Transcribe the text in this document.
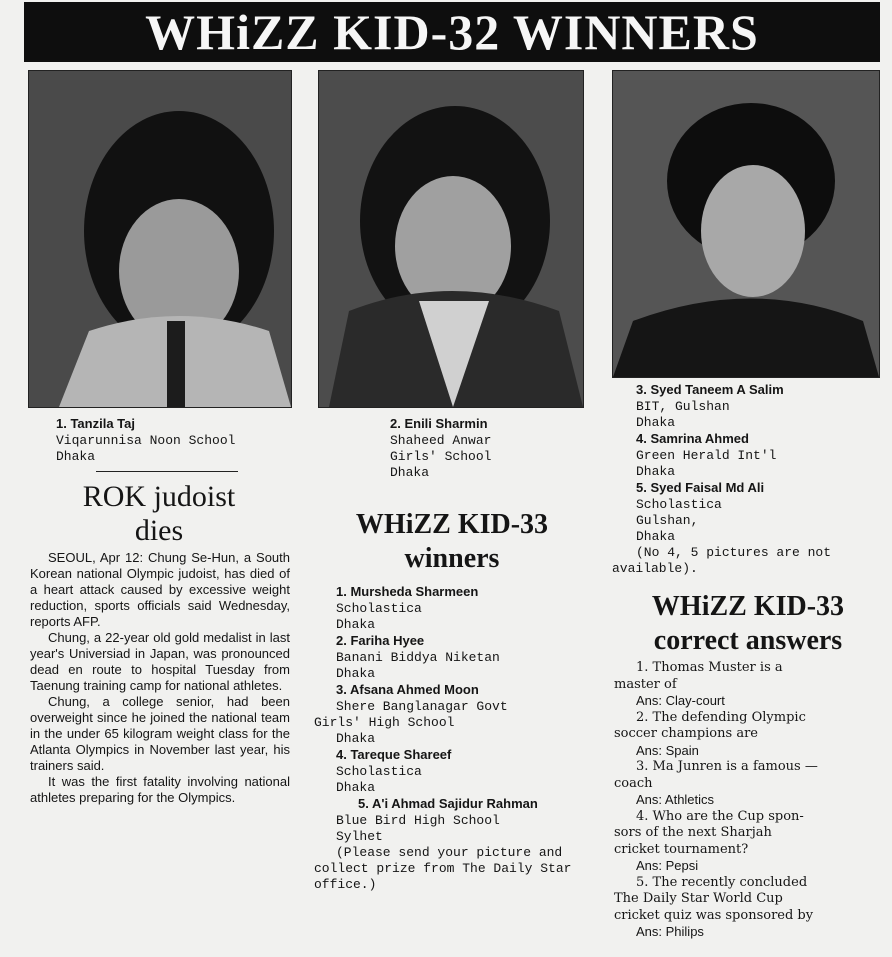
WHiZZ KID-32 WINNERS
1. Tanzila Taj
Viqarunnisa Noon School
Dhaka
2. Enili Sharmin
Shaheed Anwar
Girls' School
Dhaka
3. Syed Taneem A Salim
BIT, Gulshan
Dhaka
4. Samrina Ahmed
Green Herald Int'l
Dhaka
5. Syed Faisal Md Ali
Scholastica
Gulshan,
Dhaka
(No 4, 5 pictures are not
available).
ROK judoist
dies

SEOUL, Apr 12: Chung Se-Hun, a South Korean national Olympic judoist, has died of a heart attack caused by excessive weight reduction, sports officials said Wednesday, reports AFP.

Chung, a 22-year old gold medalist in last year's Universiad in Japan, was pronounced dead en route to hospital Tuesday from Taenung training camp for national athletes.

Chung, a college senior, had been overweight since he joined the national team in the under 65 kilogram weight class for the Atlanta Olympics in November last year, his trainers said.

It was the first fatality involving national athletes preparing for the Olympics.

WHiZZ KID-33
winners
1. Mursheda Sharmeen
Scholastica
Dhaka
2. Fariha Hyee
Banani Biddya Niketan
Dhaka
3. Afsana Ahmed Moon
Shere Banglanagar Govt
Girls' High School
Dhaka
4. Tareque Shareef
Scholastica
Dhaka
5. A'i Ahmad Sajidur Rahman
Blue Bird High School
Sylhet
(Please send your picture and collect prize from The Daily Star office.)
WHiZZ KID-33
correct answers
1. Thomas Muster is a
master of
Ans: Clay-court
2. The defending Olympic
soccer champions are
Ans: Spain
3. Ma Junren is a famous —
coach
Ans: Athletics
4. Who are the Cup spon-
sors of the next Sharjah
cricket tournament?
Ans: Pepsi
5. The recently concluded
The Daily Star World Cup
cricket quiz was sponsored by
Ans: Philips
